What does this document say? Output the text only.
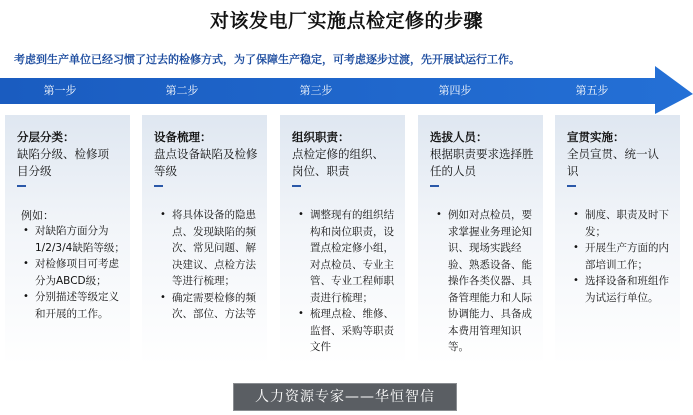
对该发电厂实施点检定修的步骤
考虑到生产单位已经习惯了过去的检修方式，为了保障生产稳定，可考虑逐步过渡，先开展试运行工作。
第一步	第二步	第三步	第四步	第五步
分层分类：
缺陷分级、检修项
目分级
例如：
• 对缺陷方面分为1/2/3/4缺陷等级；
• 对检修项目可考虑分为ABCD级；
• 分别描述等级定义和开展的工作。
设备梳理：
盘点设备缺陷及检修
等级
• 将具体设备的隐患点、发现缺陷的频次、常见问题、解决建议、点检方法等进行梳理；
• 确定需要检修的频次、部位、方法等
组织职责：
点检定修的组织、
岗位、职责
• 调整现有的组织结构和岗位职责，设置点检定修小组，对点检员、专业主管、专业工程师职责进行梳理；
• 梳理点检、维修、监督、采购等职责文件
选拔人员：
根据职责要求选择胜
任的人员
• 例如对点检员，要求掌握业务理论知识、现场实践经验、熟悉设备、能操作各类仪器、具备管理能力和人际协调能力、具备成本费用管理知识等。
宣贯实施：
全员宣贯、统一认
识
• 制度、职责及时下发；
• 开展生产方面的内部培训工作；
• 选择设备和班组作为试运行单位。
人力资源专家——华恒智信
